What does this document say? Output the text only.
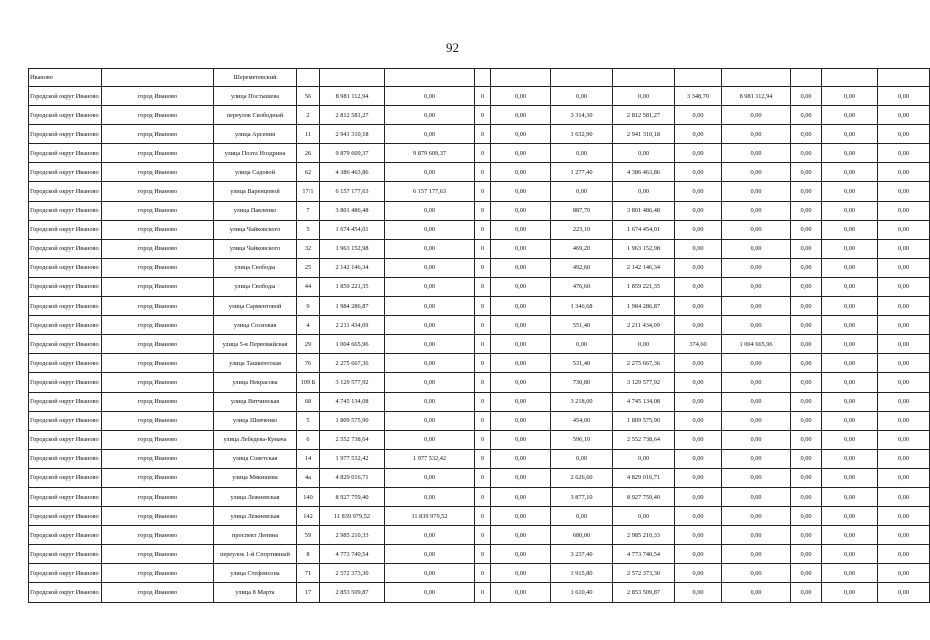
92
Иваново		Шереметевский												
Городской округ Иваново	город Иваново	улица Постышева	56	8 981 112,94	0,00	0	0,00	0,00	0,00	3 348,70	8 981 112,94	0,00	0,00	0,00
Городской округ Иваново	город Иваново	переулок Свободный	2	2 812 581,27	0,00	0	0,00	3 314,30	2 812 581,27	0,00	0,00	0,00	0,00	0,00
Городской округ Иваново	город Иваново	улица Арсения	11	2 941 310,18	0,00	0	0,00	1 632,90	2 941 310,18	0,00	0,00	0,00	0,00	0,00
Городской округ Иваново	город Иваново	улица Поэта Ноздрина	26	9 879 609,37	9 879 609,37	0	0,00	0,00	0,00	0,00	0,00	0,00	0,00	0,00
Городской округ Иваново	город Иваново	улица Садовой	62	4 386 463,86	0,00	0	0,00	1 277,40	4 386 463,86	0,00	0,00	0,00	0,00	0,00
Городской округ Иваново	город Иваново	улица Варенцовой	17/1	6 157 177,63	6 157 177,63	0	0,00	0,00	0,00	0,00	0,00	0,00	0,00	0,00
Городской округ Иваново	город Иваново	улица Павленко	7	3 801 486,48	0,00	0	0,00	887,70	3 801 486,48	0,00	0,00	0,00	0,00	0,00
Городской округ Иваново	город Иваново	улица Чайковского	5	1 674 454,01	0,00	0	0,00	223,10	1 674 454,01	0,00	0,00	0,00	0,00	0,00
Городской округ Иваново	город Иваново	улица Чайковского	32	1 963 152,98	0,00	0	0,00	469,20	1 963 152,98	0,00	0,00	0,00	0,00	0,00
Городской округ Иваново	город Иваново	улица Свободы	25	2 142 146,34	0,00	0	0,00	492,60	2 142 146,34	0,00	0,00	0,00	0,00	0,00
Городской округ Иваново	город Иваново	улица Свободы	44	1 859 221,35	0,00	0	0,00	476,60	1 859 221,35	0,00	0,00	0,00	0,00	0,00
Городской округ Иваново	город Иваново	улица Сарментовой	9	1 984 286,87	0,00	0	0,00	1 346,68	1 984 286,87	0,00	0,00	0,00	0,00	0,00
Городской округ Иваново	город Иваново	улица Сосновая	4	2 211 434,09	0,00	0	0,00	551,40	2 211 434,09	0,00	0,00	0,00	0,00	0,00
Городской округ Иваново	город Иваново	улица 5-я Первомайская	29	1 004 665,96	0,00	0	0,00	0,00	0,00	374,60	1 004 665,96	0,00	0,00	0,00
Городской округ Иваново	город Иваново	улица Ташкентская	76	2 275 667,36	0,00	0	0,00	531,40	2 275 667,36	0,00	0,00	0,00	0,00	0,00
Городской округ Иваново	город Иваново	улица Некрасова	109 Б	3 129 577,92	0,00	0	0,00	730,80	3 129 577,92	0,00	0,00	0,00	0,00	0,00
Городской округ Иваново	город Иваново	улица Вятчинская	68	4 745 134,08	0,00	0	0,00	3 218,00	4 745 134,08	0,00	0,00	0,00	0,00	0,00
Городской округ Иваново	город Иваново	улица Шевченко	5	1 809 575,90	0,00	0	0,00	454,00	1 809 575,90	0,00	0,00	0,00	0,00	0,00
Городской округ Иваново	город Иваново	улица Лебедева-Кумача	6	2 552 738,64	0,00	0	0,00	596,10	2 552 738,64	0,00	0,00	0,00	0,00	0,00
Городской округ Иваново	город Иваново	улица Советская	14	1 977 532,42	1 977 532,42	0	0,00	0,00	0,00	0,00	0,00	0,00	0,00	0,00
Городской округ Иваново	город Иваново	улица Мякишева	4а	4 829 016,71	0,00	0	0,00	2 626,60	4 829 016,71	0,00	0,00	0,00	0,00	0,00
Городской округ Иваново	город Иваново	улица Лежневская	140	8 927 759,40	0,00	0	0,00	3 877,10	8 927 759,40	0,00	0,00	0,00	0,00	0,00
Городской округ Иваново	город Иваново	улица Лежневская	142	11 839 979,52	11 839 979,52	0	0,00	0,00	0,00	0,00	0,00	0,00	0,00	0,00
Городской округ Иваново	город Иваново	проспект Ленина	59	2 985 210,33	0,00	0	0,00	680,00	2 985 210,33	0,00	0,00	0,00	0,00	0,00
Городской округ Иваново	город Иваново	переулок 1-й Спортивный	8	4 773 740,54	0,00	0	0,00	3 237,40	4 773 740,54	0,00	0,00	0,00	0,00	0,00
Городской округ Иваново	город Иваново	улица Стефенсона	71	2 572 373,30	0,00	0	0,00	1 915,80	2 572 373,30	0,00	0,00	0,00	0,00	0,00
Городской округ Иваново	город Иваново	улица 8 Марта	17	2 853 509,87	0,00	0	0,00	1 610,40	2 853 509,87	0,00	0,00	0,00	0,00	0,00
